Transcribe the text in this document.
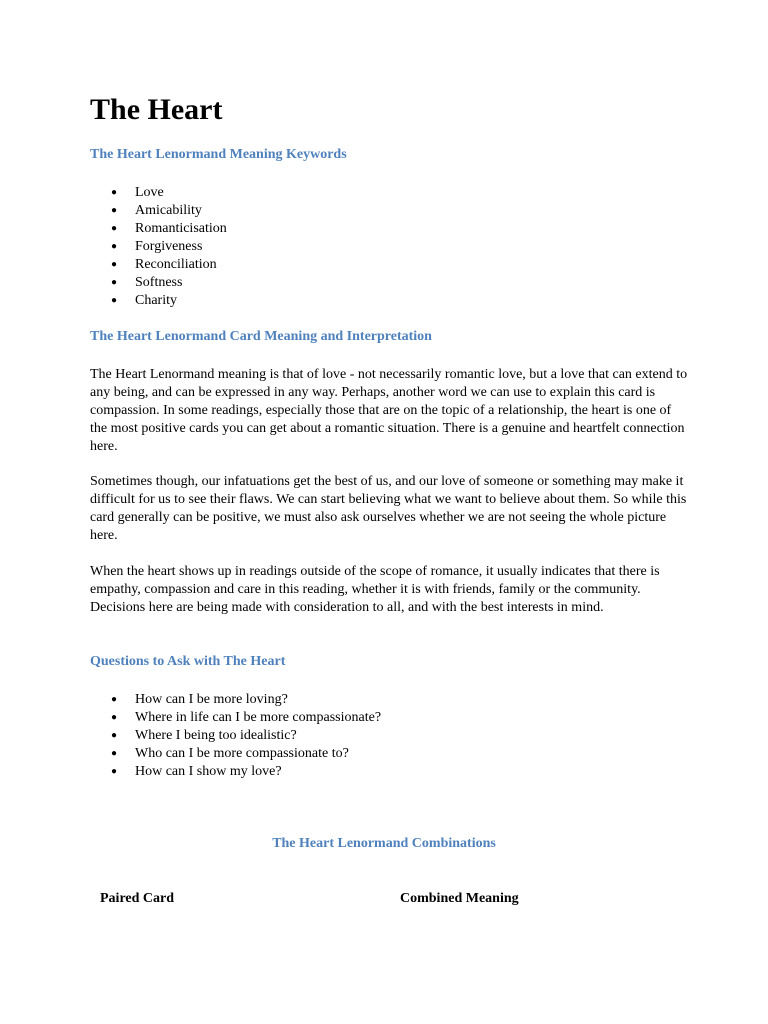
The Heart

The Heart Lenormand Meaning Keywords

● Love
● Amicability
● Romanticisation
● Forgiveness
● Reconciliation
● Softness
● Charity

The Heart Lenormand Card Meaning and Interpretation

The Heart Lenormand meaning is that of love - not necessarily romantic love, but a love that can extend to any being, and can be expressed in any way. Perhaps, another word we can use to explain this card is compassion. In some readings, especially those that are on the topic of a relationship, the heart is one of the most positive cards you can get about a romantic situation. There is a genuine and heartfelt connection here.

Sometimes though, our infatuations get the best of us, and our love of someone or something may make it difficult for us to see their flaws. We can start believing what we want to believe about them. So while this card generally can be positive, we must also ask ourselves whether we are not seeing the whole picture here.

When the heart shows up in readings outside of the scope of romance, it usually indicates that there is empathy, compassion and care in this reading, whether it is with friends, family or the community. Decisions here are being made with consideration to all, and with the best interests in mind.

Questions to Ask with The Heart

● How can I be more loving?
● Where in life can I be more compassionate?
● Where I being too idealistic?
● Who can I be more compassionate to?
● How can I show my love?

The Heart Lenormand Combinations

Paired Card	Combined Meaning
